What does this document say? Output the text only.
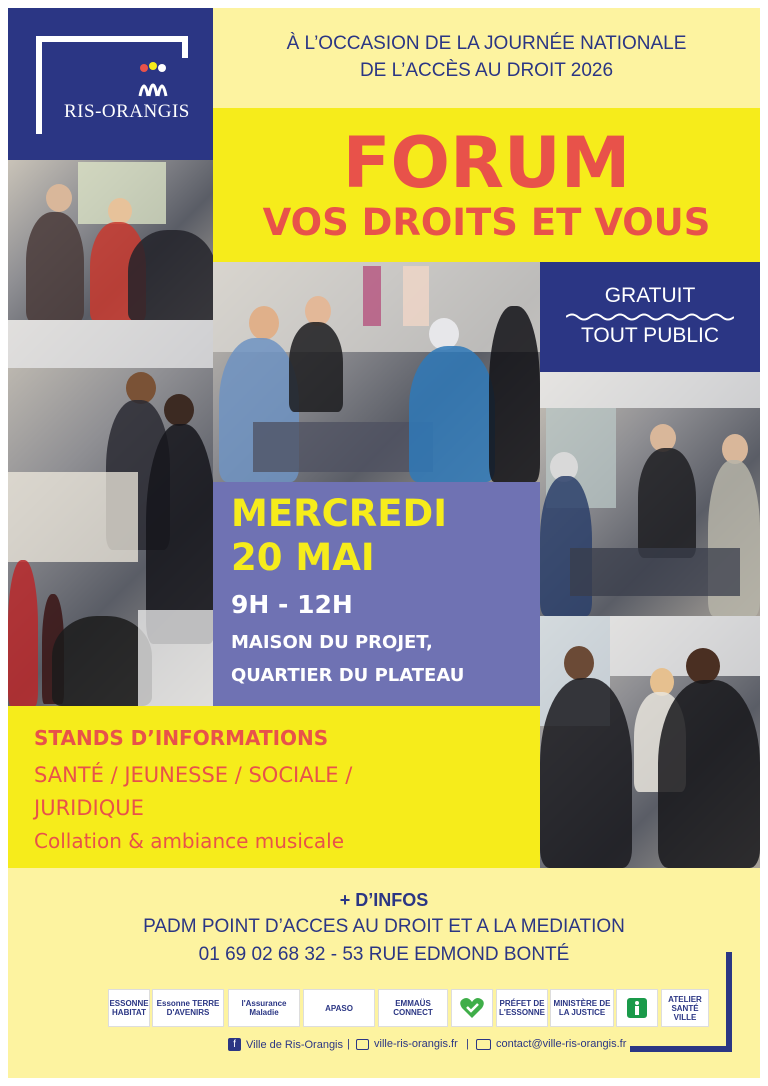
RIS-ORANGIS
À L’OCCASION DE LA JOURNÉE NATIONALE
DE L’ACCÈS AU DROIT 2026
FORUM
VOS DROITS ET VOUS
GRATUIT
TOUT PUBLIC
MERCREDI
20 MAI
9H - 12H
MAISON DU PROJET,
QUARTIER DU PLATEAU
STANDS D’INFORMATIONS
SANTÉ / JEUNESSE / SOCIALE /
JURIDIQUE
Collation & ambiance musicale
+ D’INFOS
PADM POINT D’ACCES AU DROIT ET A LA MEDIATION
01 69 02 68 32 - 53 RUE EDMOND BONTÉ
ESSONNE HABITAT
Essonne TERRE D'AVENIRS
l'Assurance Maladie	APASO	EMMAÜS CONNECT
PRÉFET DE L'ESSONNE
MINISTÈRE DE LA JUSTICE
ATELIER SANTÉ VILLE
f Ville de Ris-Orangis | ville-ris-orangis.fr | contact@ville-ris-orangis.fr
